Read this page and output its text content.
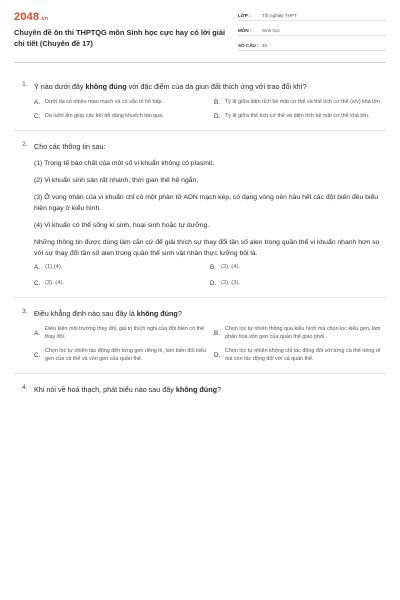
2048.vn
Chuyên đề ôn thi THPTQG môn Sinh học cực hay có lời giải chi tiết (Chuyên đề 17)
LỚP :	Tốt nghiệp THPT
MÔN :	Sinh học
SỐ CÂU : 40
1. Ý nào dưới đây không đúng với đặc điểm của da giun đất thích ứng với trao đổi khí?
A. Dưới da có nhiều mao mạch và có sắc tố hô hấp.	B. Tỷ lệ giữa diện tích bề mặt cơ thể và thể tích cơ thể (s/v) khá lớn.
C. Da luôn ẩm giúp các khí dễ dàng khuếch tán qua.	D. Tỷ lệ giữa thể tích cơ thể và diện tích bề mặt cơ thể khá lớn.
2. Cho các thông tin sau:
(1) Trong tế bào chất của một số vi khuẩn không có plasmit.
(2) Vi khuẩn sinh sản rất nhanh, thời gian thế hệ ngắn.
(3) Ở vùng nhân của vi khuẩn chỉ có một phân tử ADN mạch kép, có dạng vòng nên hầu hết các đột biến đều biểu hiện ngay ở kiểu hình.
(4) Vi khuẩn có thể sống kí sinh, hoại sinh hoặc tự dưỡng.
Những thông tin được dùng làm căn cứ để giải thích sự thay đổi tần số alen trong quần thể vi khuẩn nhanh hơn so với sự thay đổi tần số alen trong quần thể sinh vật nhân thực lưỡng bội là.
A. (1),(4).	B. (2), (4).
C. (3), (4).	D. (2), (3).
3. Điều khẳng định nào sau đây là không đúng?
A.
Điều kiện môi trường thay đổi, giá trị thích nghi của đột biến có thể thay đổi.
B.
Chọn lọc tự nhiên thông qua kiểu hình mà chọn lọc kiểu gen, làm phân hoá vốn gen của quần thể giao phối.
C.
Chọn lọc tự nhiên tác động đến từng gen riêng lẻ, làm biến đổi kiểu gen của cá thể và vốn gen của quần thể.
D.
Chọn lọc tự nhiên không chỉ tác động đối với từng cá thể riêng rẽ mà còn tác động đối với cả quần thể.
4. Khi nói về hoá thạch, phát biểu nào sau đây không đúng?
